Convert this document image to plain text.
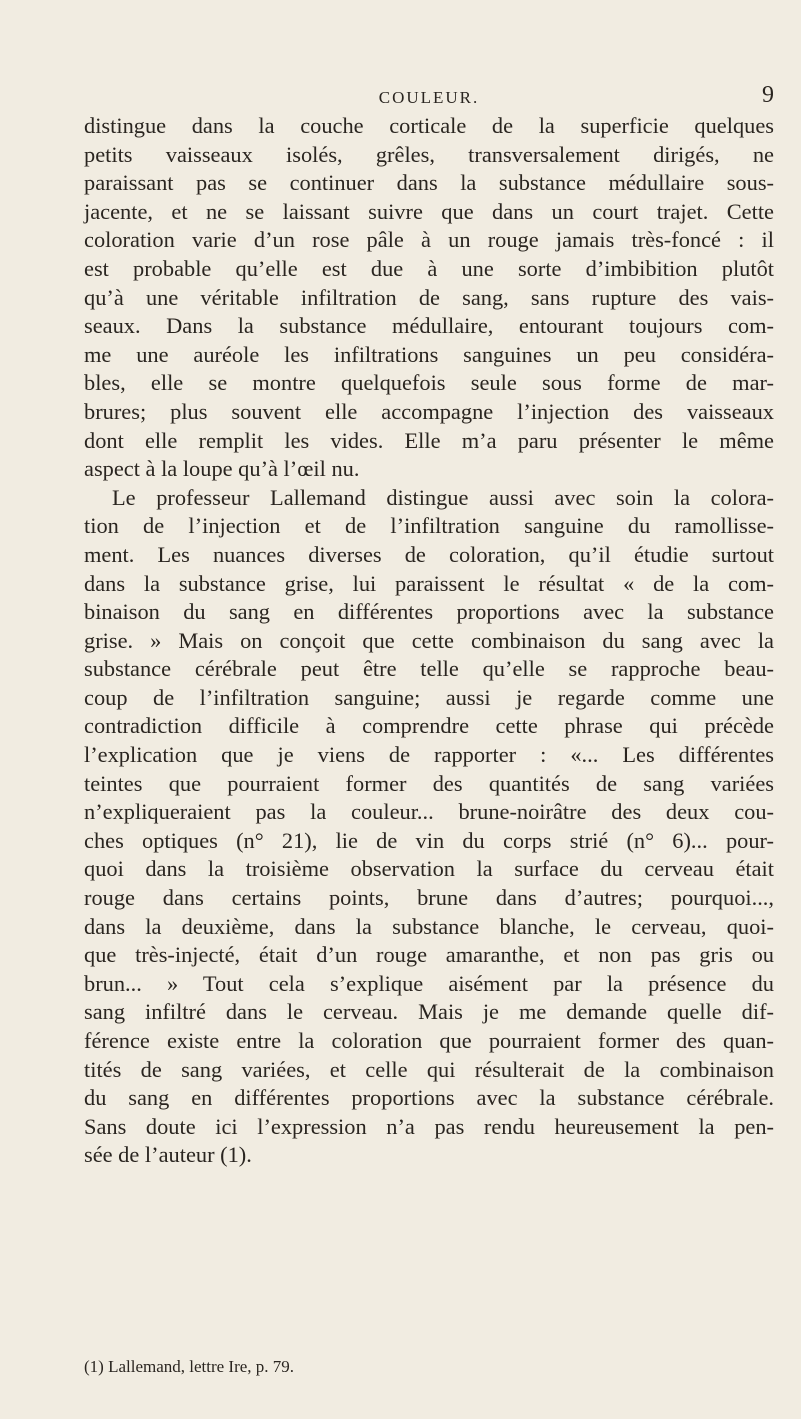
COULEUR.	9
distingue dans la couche corticale de la superficie quelques
petits vaisseaux isolés, grêles, transversalement dirigés, ne
paraissant pas se continuer dans la substance médullaire sous-
jacente, et ne se laissant suivre que dans un court trajet. Cette
coloration varie d’un rose pâle à un rouge jamais très-foncé : il
est probable qu’elle est due à une sorte d’imbibition plutôt
qu’à une véritable infiltration de sang, sans rupture des vais-
seaux. Dans la substance médullaire, entourant toujours com-
me une auréole les infiltrations sanguines un peu considéra-
bles, elle se montre quelquefois seule sous forme de mar-
brures; plus souvent elle accompagne l’injection des vaisseaux
dont elle remplit les vides. Elle m’a paru présenter le même
aspect à la loupe qu’à l’œil nu.
Le professeur Lallemand distingue aussi avec soin la colora-
tion de l’injection et de l’infiltration sanguine du ramollisse-
ment. Les nuances diverses de coloration, qu’il étudie surtout
dans la substance grise, lui paraissent le résultat « de la com-
binaison du sang en différentes proportions avec la substance
grise. » Mais on conçoit que cette combinaison du sang avec la
substance cérébrale peut être telle qu’elle se rapproche beau-
coup de l’infiltration sanguine; aussi je regarde comme une
contradiction difficile à comprendre cette phrase qui précède
l’explication que je viens de rapporter : «... Les différentes
teintes que pourraient former des quantités de sang variées
n’expliqueraient pas la couleur... brune-noirâtre des deux cou-
ches optiques (n° 21), lie de vin du corps strié (n° 6)... pour-
quoi dans la troisième observation la surface du cerveau était
rouge dans certains points, brune dans d’autres; pourquoi...,
dans la deuxième, dans la substance blanche, le cerveau, quoi-
que très-injecté, était d’un rouge amaranthe, et non pas gris ou
brun... » Tout cela s’explique aisément par la présence du
sang infiltré dans le cerveau. Mais je me demande quelle dif-
férence existe entre la coloration que pourraient former des quan-
tités de sang variées, et celle qui résulterait de la combinaison
du sang en différentes proportions avec la substance cérébrale.
Sans doute ici l’expression n’a pas rendu heureusement la pen-
sée de l’auteur (1).
(1) Lallemand, lettre Ire, p. 79.
